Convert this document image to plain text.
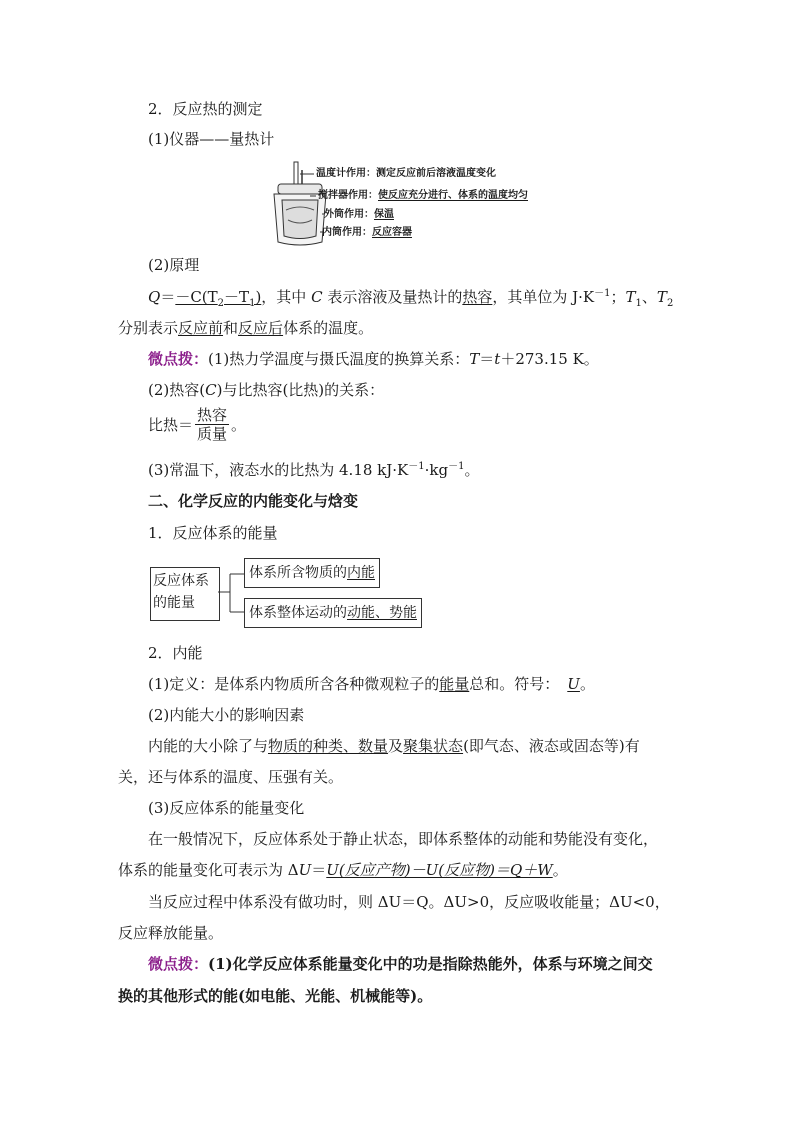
2．反应热的测定
(1)仪器——量热计
温度计作用：测定反应前后溶液温度变化
搅拌器作用：使反应充分进行、体系的温度均匀
外筒作用：保温
内筒作用：反应容器
(2)原理
$Q=-C(T_2-T_1)$，其中 C 表示溶液及量热计的热容，其单位为 $J\cdot K^{-1}$；$T_1$、$T_2$
分别表示反应前和反应后体系的温度。
微点拨：(1)热力学温度与摄氏温度的换算关系：T＝t＋273.15 K。
(2)热容(C)与比热容(比热)的关系：
比热＝ $\frac{\text{热容}}{\text{质量}}$ 。
(3)常温下，液态水的比热为 4.18 $kJ\cdot K^{-1}\cdot kg^{-1}$。
二、化学反应的内能变化与焓变
1．反应体系的能量
反应体系
的能量
体系所含物质的内能
体系整体运动的动能、势能
2．内能
(1)定义：是体系内物质所含各种微观粒子的能量总和。符号： U。
(2)内能大小的影响因素
内能的大小除了与物质的种类、数量及聚集状态(即气态、液态或固态等)有
关，还与体系的温度、压强有关。
(3)反应体系的能量变化
在一般情况下，反应体系处于静止状态，即体系整体的动能和势能没有变化，
体系的能量变化可表示为 ΔU＝U(反应产物)－U(反应物)＝Q＋W。
当反应过程中体系没有做功时，则 ΔU＝Q。ΔU>0，反应吸收能量；ΔU<0，
反应释放能量。
微点拨：(1)化学反应体系能量变化中的功是指除热能外，体系与环境之间交
换的其他形式的能(如电能、光能、机械能等)。
